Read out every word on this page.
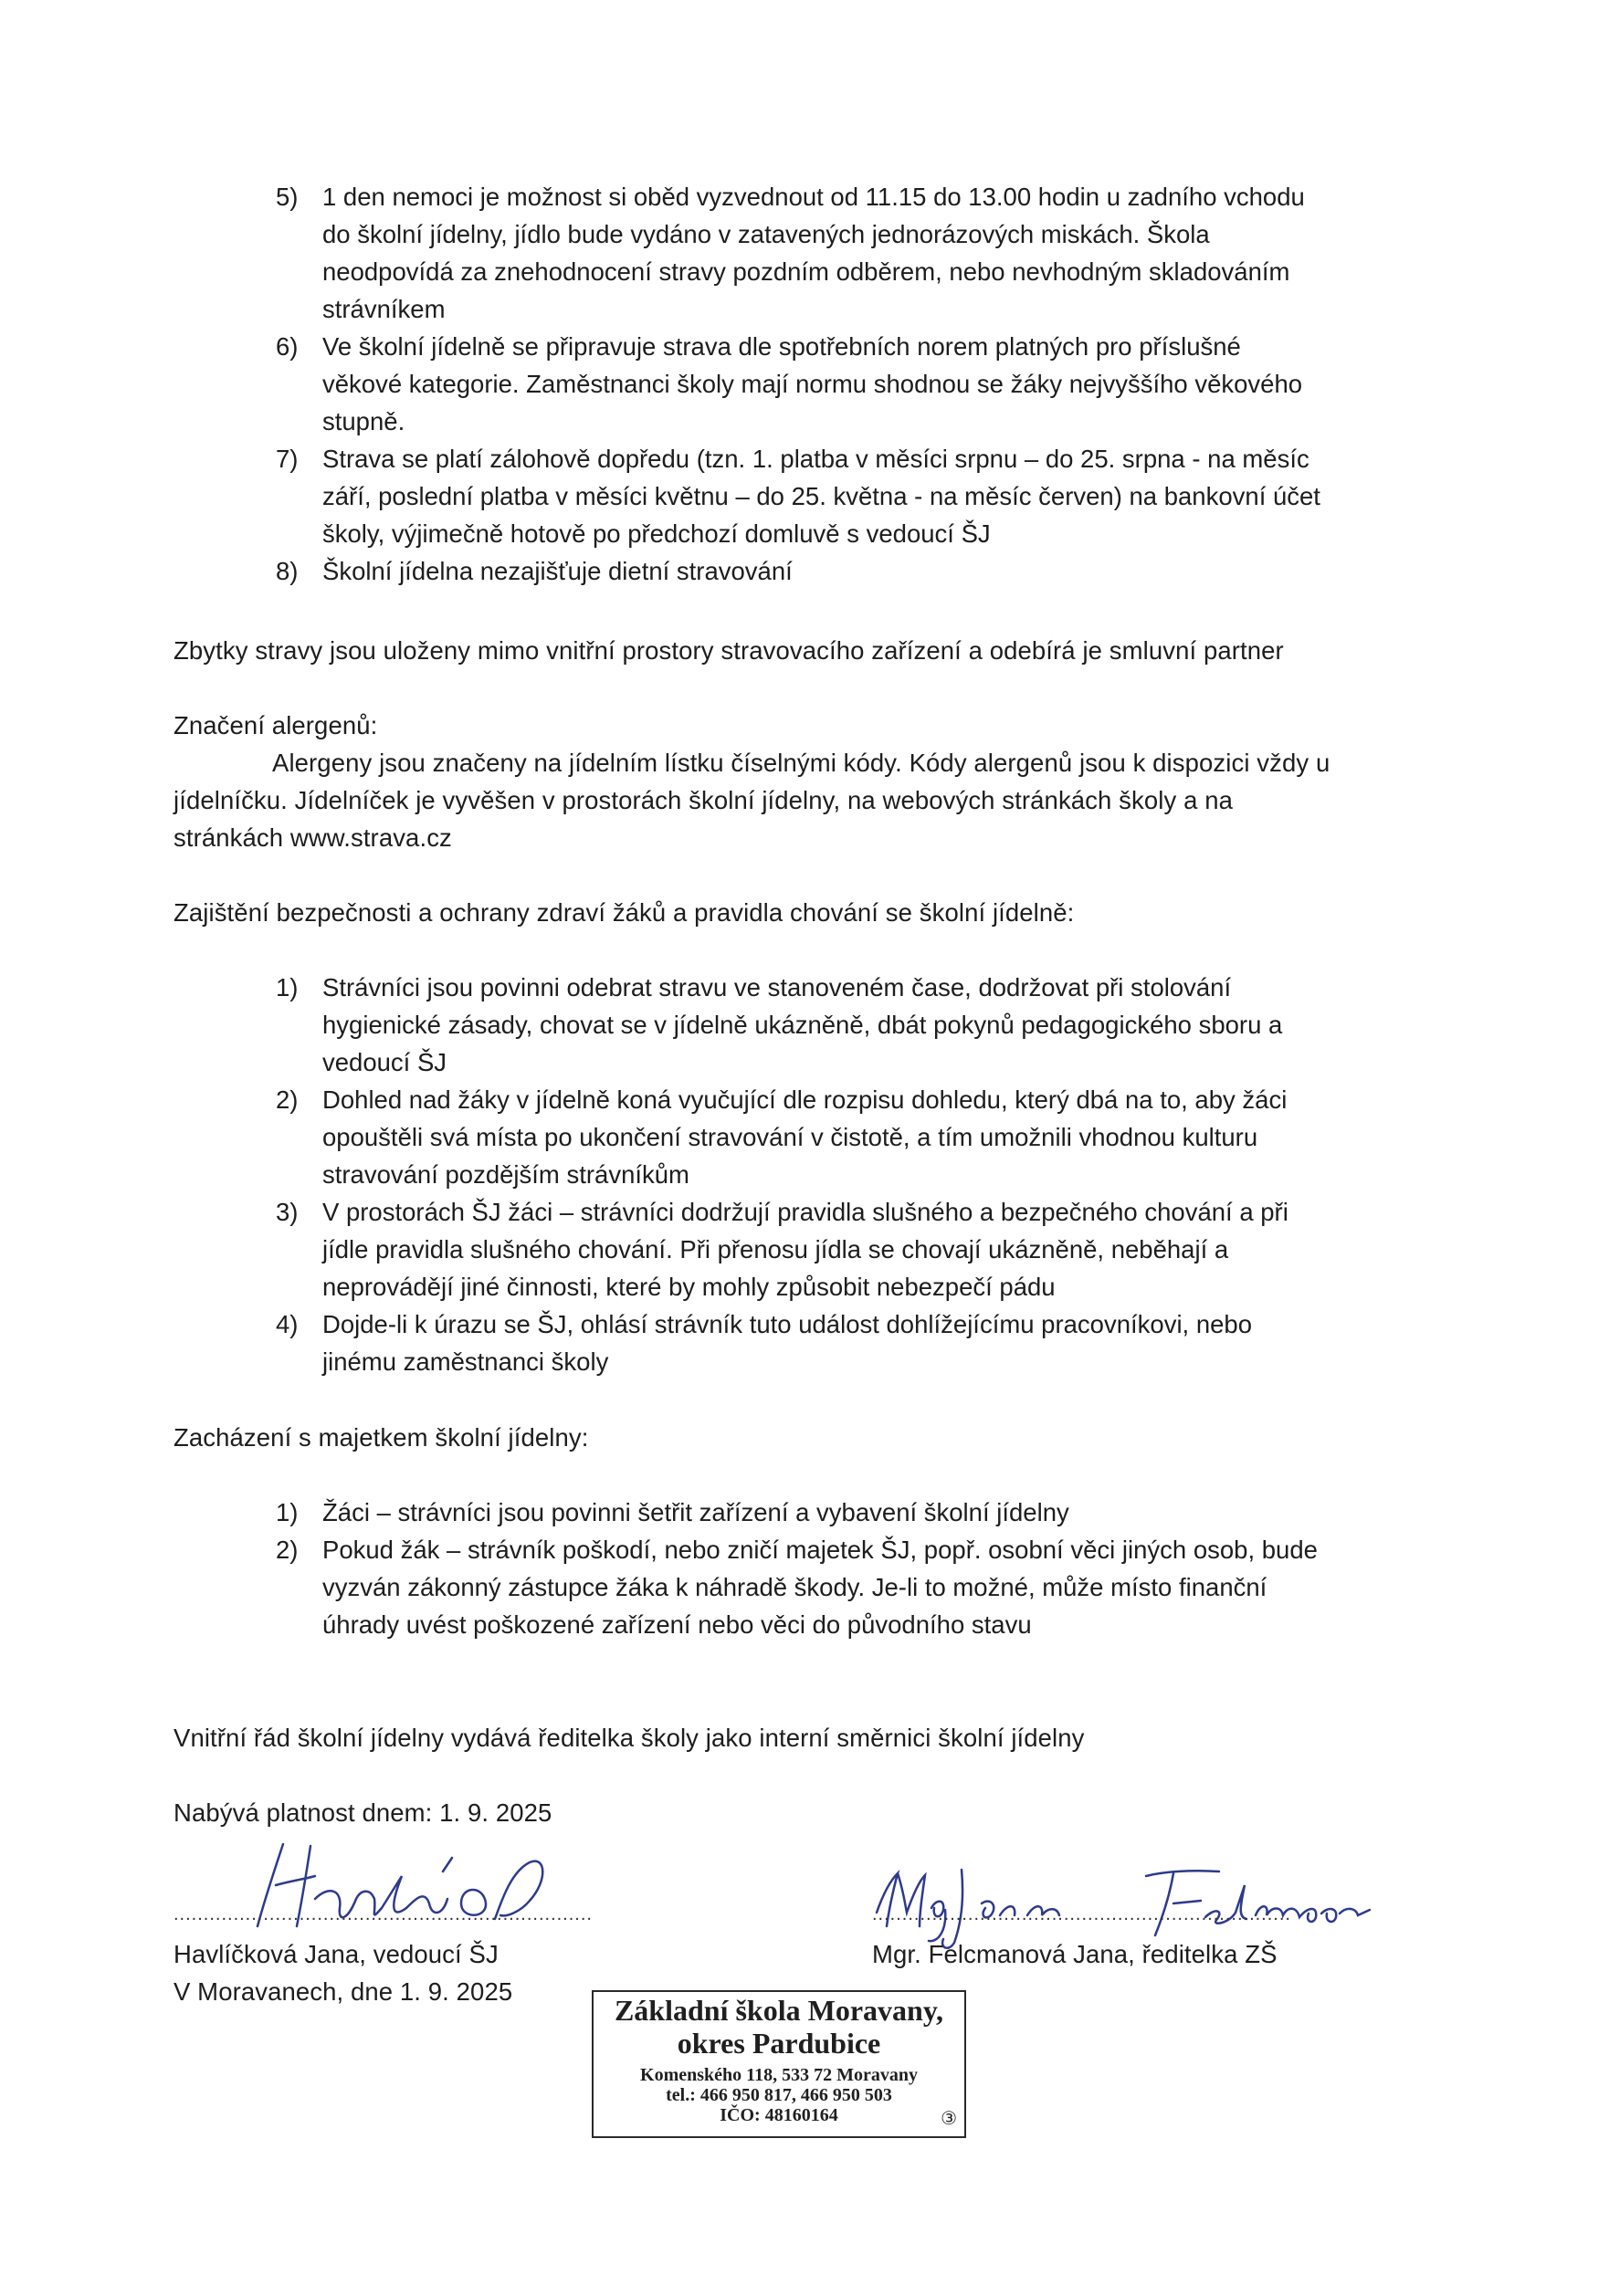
5) 1 den nemoci je možnost si oběd vyzvednout od 11.15 do 13.00 hodin u zadního vchodu
do školní jídelny, jídlo bude vydáno v zatavených jednorázových miskách. Škola
neodpovídá za znehodnocení stravy pozdním odběrem, nebo nevhodným skladováním
strávníkem
6) Ve školní jídelně se připravuje strava dle spotřebních norem platných pro příslušné
věkové kategorie. Zaměstnanci školy mají normu shodnou se žáky nejvyššího věkového
stupně.
7) Strava se platí zálohově dopředu (tzn. 1. platba v měsíci srpnu – do 25. srpna - na měsíc
září, poslední platba v měsíci květnu – do 25. května - na měsíc červen) na bankovní účet
školy, výjimečně hotově po předchozí domluvě s vedoucí ŠJ
8) Školní jídelna nezajišťuje dietní stravování
Zbytky stravy jsou uloženy mimo vnitřní prostory stravovacího zařízení a odebírá je smluvní partner
Značení alergenů:
Alergeny jsou značeny na jídelním lístku číselnými kódy. Kódy alergenů jsou k dispozici vždy u
jídelníčku. Jídelníček je vyvěšen v prostorách školní jídelny, na webových stránkách školy a na
stránkách www.strava.cz
Zajištění bezpečnosti a ochrany zdraví žáků a pravidla chování se školní jídelně:
1) Strávníci jsou povinni odebrat stravu ve stanoveném čase, dodržovat při stolování
hygienické zásady, chovat se v jídelně ukázněně, dbát pokynů pedagogického sboru a
vedoucí ŠJ
2) Dohled nad žáky v jídelně koná vyučující dle rozpisu dohledu, který dbá na to, aby žáci
opouštěli svá místa po ukončení stravování v čistotě, a tím umožnili vhodnou kulturu
stravování pozdějším strávníkům
3) V prostorách ŠJ žáci – strávníci dodržují pravidla slušného a bezpečného chování a při
jídle pravidla slušného chování. Při přenosu jídla se chovají ukázněně, neběhají a
neprovádějí jiné činnosti, které by mohly způsobit nebezpečí pádu
4) Dojde-li k úrazu se ŠJ, ohlásí strávník tuto událost dohlížejícímu pracovníkovi, nebo
jinému zaměstnanci školy
Zacházení s majetkem školní jídelny:
1) Žáci – strávníci jsou povinni šetřit zařízení a vybavení školní jídelny
2) Pokud žák – strávník poškodí, nebo zničí majetek ŠJ, popř. osobní věci jiných osob, bude
vyzván zákonný zástupce žáka k náhradě škody. Je-li to možné, může místo finanční
úhrady uvést poškozené zařízení nebo věci do původního stavu
Vnitřní řád školní jídelny vydává ředitelka školy jako interní směrnici školní jídelny
Nabývá platnost dnem: 1. 9. 2025
......................................................................
Havlíčková Jana, vedoucí ŠJ
V Moravanech, dne 1. 9. 2025
......................................................................
Mgr. Felcmanová Jana, ředitelka ZŠ
Základní škola Moravany,
okres Pardubice
Komenského 118, 533 72 Moravany
tel.: 466 950 817, 466 950 503
IČO: 48160164	③
